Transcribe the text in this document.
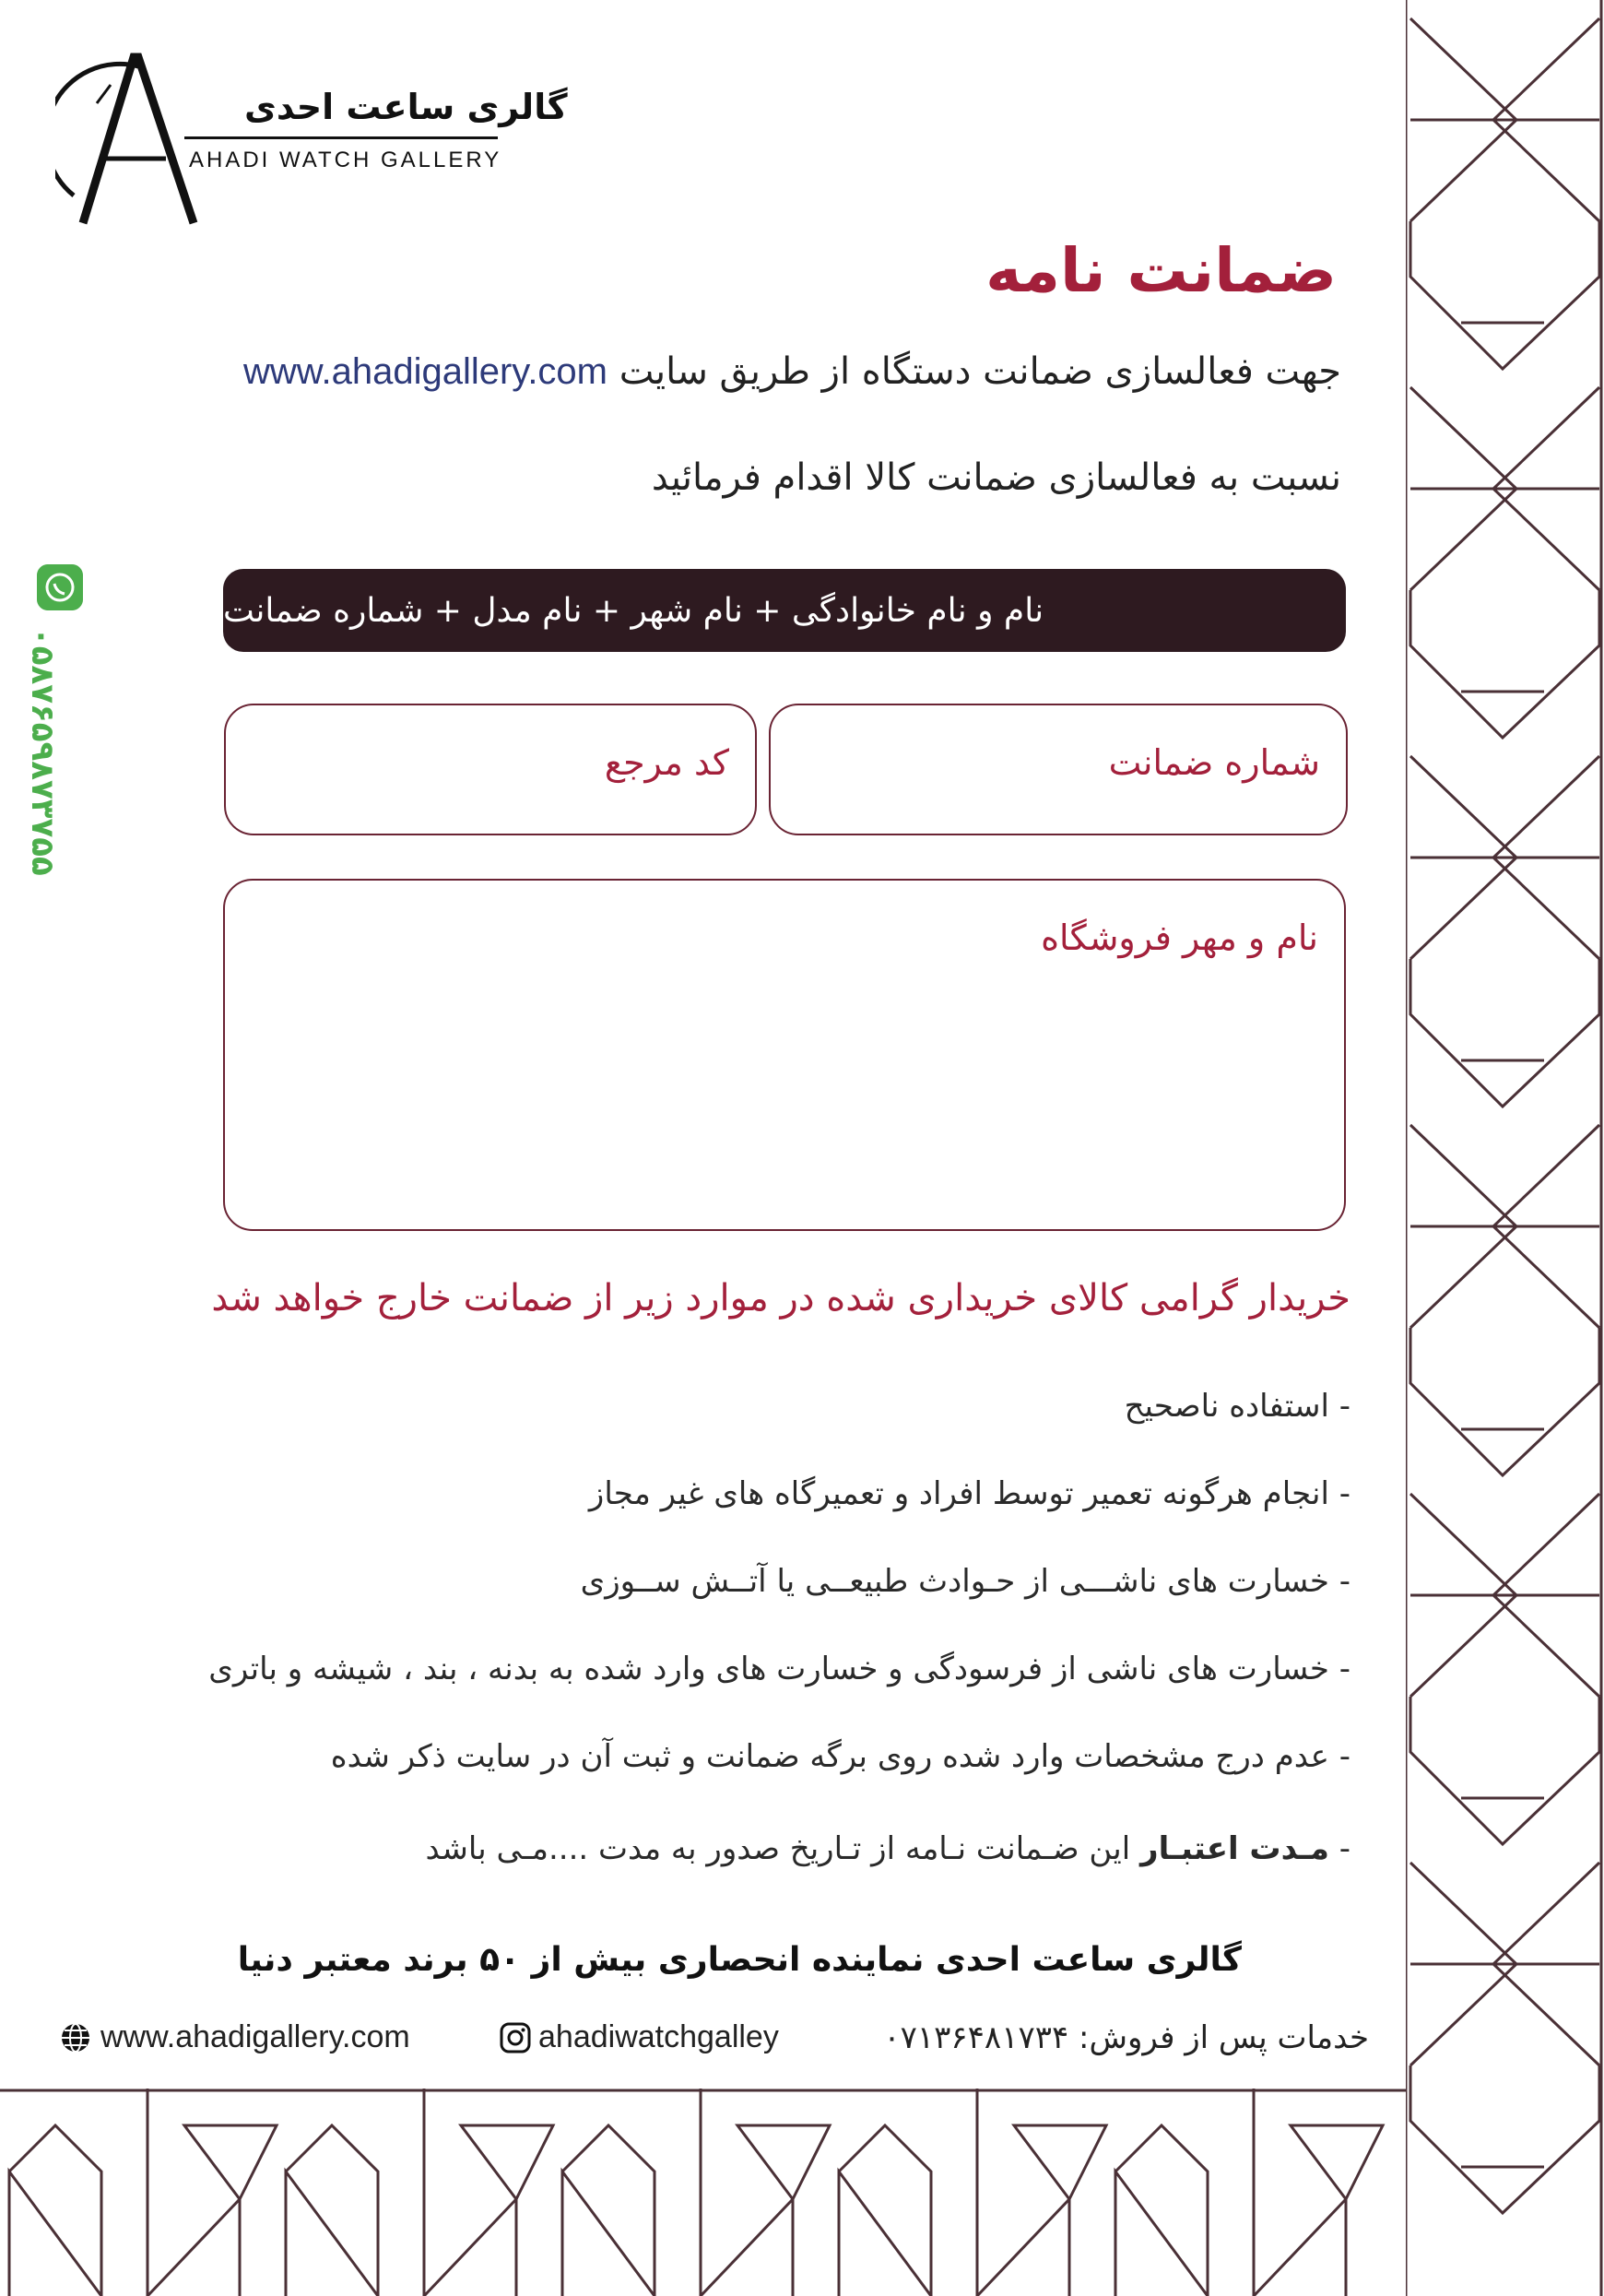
گالری ساعت احدی
AHADI WATCH GALLERY
ضمانت نامه
جهت فعالسازی ضمانت دستگاه از طریق سایت www.ahadigallery.com
نسبت به فعالسازی ضمانت کالا اقدام فرمائید
نام و نام خانوادگی + نام شهر + نام مدل + شماره ضمانت
شماره ضمانت
کد مرجع
نام و مهر فروشگاه
خریدار گرامی کالای خریداری شده در موارد زیر از ضمانت خارج خواهد شد
- استفاده ناصحیح
- انجام هرگونه تعمیر توسط افراد و تعمیرگاه های غیر مجاز
- خسارت های ناشـــی از حـوادث طبیعــی یا آتــش ســوزی
- خسارت های ناشی از فرسودگی و خسارت های وارد شده به بدنه ، بند ، شیشه و باتری
- عدم درج مشخصات وارد شده روی برگه ضمانت و ثبت آن در سایت ذکر شده
- مـدت اعتبـار این ضـمانت نـامه از تـاریخ صدور به مدت ....مـی باشد
گالری ساعت احدی نماینده انحصاری بیش از ۵۰ برند معتبر دنیا
خدمات پس از فروش: ۰۷۱۳۶۴۸۱۷۳۴
ahadiwatchgalley
www.ahadigallery.com
۰۵۸۷۶۵۹۸۷۳۷۵۵
